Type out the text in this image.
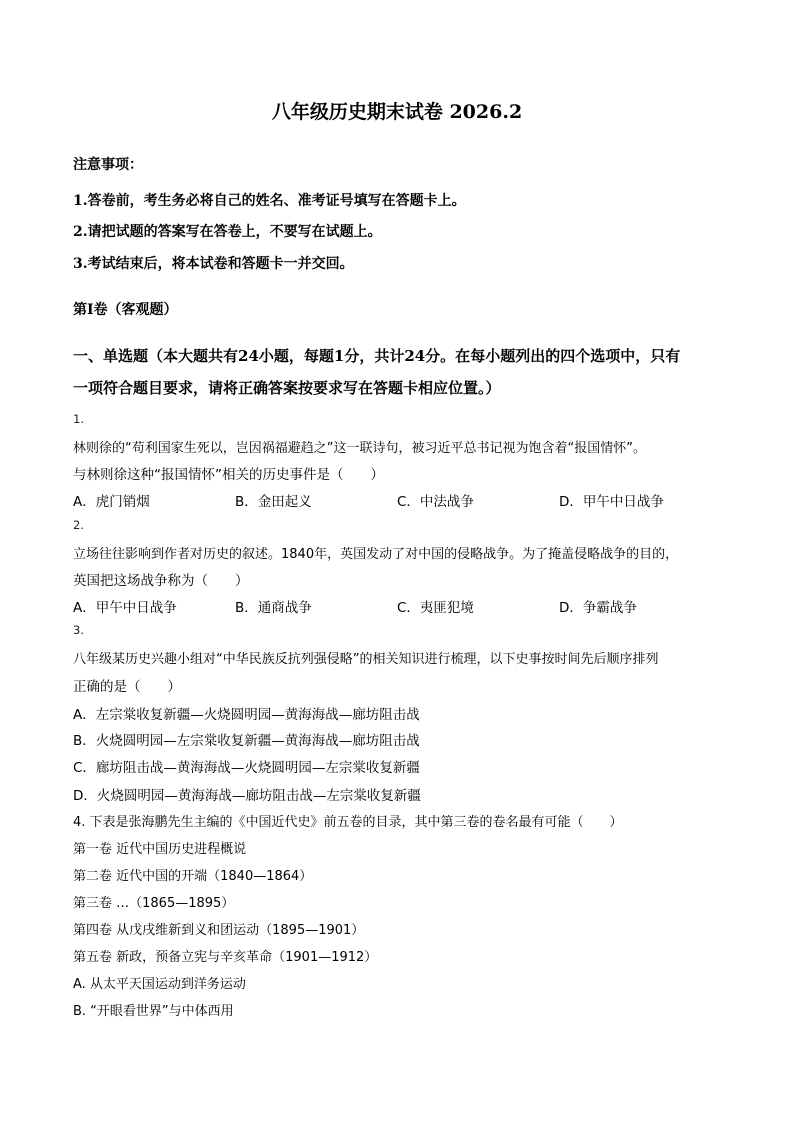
八年级历史期末试卷 2026.2
注意事项：
1.答卷前，考生务必将自己的姓名、准考证号填写在答题卡上。
2.请把试题的答案写在答卷上，不要写在试题上。
3.考试结束后，将本试卷和答题卡一并交回。
第Ⅰ卷（客观题）
一、单选题（本大题共有24小题，每题1分，共计24分。在每小题列出的四个选项中，只有
一项符合题目要求，请将正确答案按要求写在答题卡相应位置。）
1.
林则徐的“苟利国家生死以，岂因祸福避趋之”这一联诗句，被习近平总书记视为饱含着“报国情怀”。
与林则徐这种“报国情怀”相关的历史事件是（　　）
A．虎门销烟	B．金田起义	C．中法战争	D．甲午中日战争
2.
立场往往影响到作者对历史的叙述。1840年，英国发动了对中国的侵略战争。为了掩盖侵略战争的目的，
英国把这场战争称为（　　）
A．甲午中日战争	B．通商战争	C．夷匪犯境	D．争霸战争
3.
八年级某历史兴趣小组对“中华民族反抗列强侵略”的相关知识进行梳理，以下史事按时间先后顺序排列
正确的是（　　）
A．左宗棠收复新疆—火烧圆明园—黄海海战—廊坊阻击战
B．火烧圆明园—左宗棠收复新疆—黄海海战—廊坊阻击战
C．廊坊阻击战—黄海海战—火烧圆明园—左宗棠收复新疆
D．火烧圆明园—黄海海战—廊坊阻击战—左宗棠收复新疆
4. 下表是张海鹏先生主编的《中国近代史》前五卷的目录，其中第三卷的卷名最有可能（　　）
第一卷 近代中国历史进程概说
第二卷 近代中国的开端（1840—1864）
第三卷 …（1865—1895）
第四卷 从戊戌维新到义和团运动（1895—1901）
第五卷 新政，预备立宪与辛亥革命（1901—1912）
A. 从太平天国运动到洋务运动
B. “开眼看世界”与中体西用
